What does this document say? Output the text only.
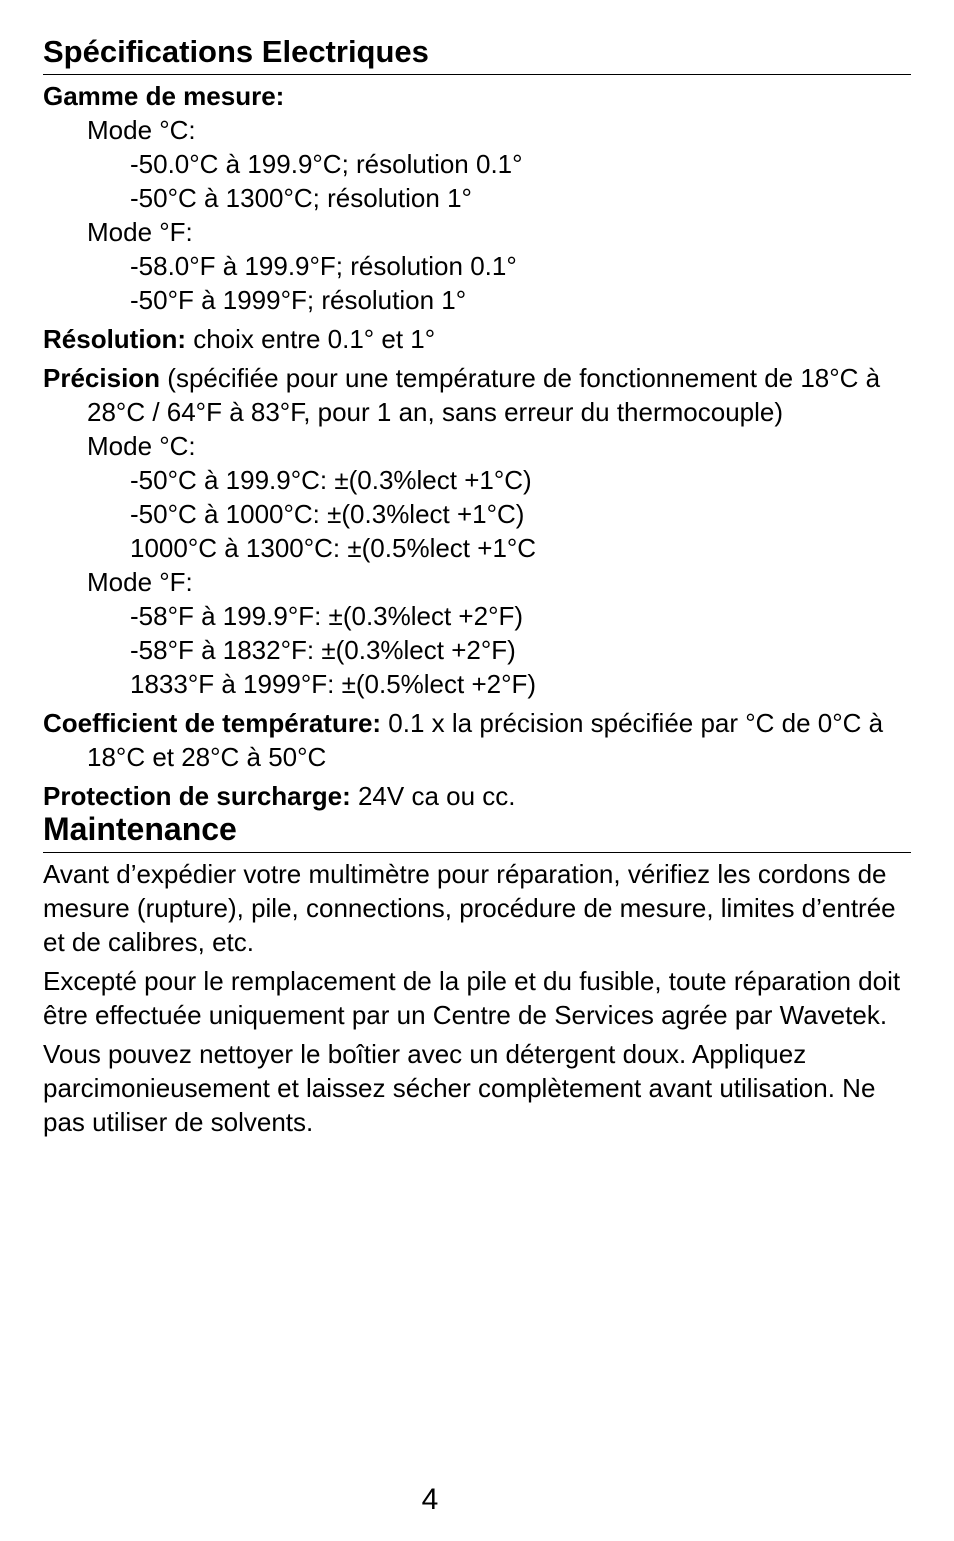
Spécifications Electriques

Gamme de mesure:

Mode °C:

-50.0°C à 199.9°C; résolution 0.1°

-50°C à 1300°C; résolution 1°

Mode °F:

-58.0°F à 199.9°F; résolution 0.1°

-50°F à 1999°F; résolution 1°

Résolution: choix entre 0.1° et 1°

Précision (spécifiée pour une température de fonctionnement de 18°C à 28°C / 64°F à 83°F, pour 1 an, sans erreur du thermocouple)

Mode °C:

-50°C à 199.9°C: ±(0.3%lect +1°C)

-50°C à 1000°C: ±(0.3%lect +1°C)

1000°C à 1300°C: ±(0.5%lect +1°C

Mode °F:

-58°F à 199.9°F: ±(0.3%lect +2°F)

-58°F à 1832°F: ±(0.3%lect +2°F)

1833°F à 1999°F: ±(0.5%lect +2°F)

Coefficient de température: 0.1 x la précision spécifiée par °C de 0°C à 18°C et 28°C à 50°C

Protection de surcharge: 24V ca ou cc.

Maintenance

Avant d’expédier votre multimètre pour réparation, vérifiez les cordons de mesure (rupture), pile, connections, procédure de mesure, limites d’entrée et de calibres, etc.

Excepté pour le remplacement de la pile et du fusible, toute réparation doit être effectuée uniquement par un Centre de Services agrée par Wavetek.

Vous pouvez nettoyer le boîtier avec un détergent doux. Appliquez parcimonieusement et laissez sécher complètement avant utilisation. Ne pas utiliser de solvents.

4
